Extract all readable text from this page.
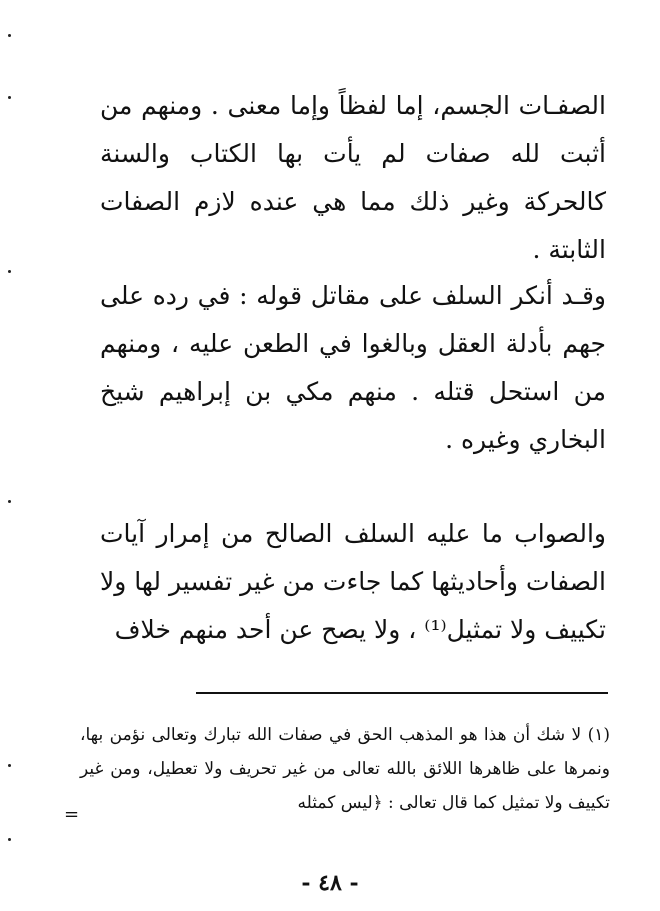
الصفـات الجسم، إما لفظاً وإما معنى . ومنهم من أثبت لله صفات لم يأت بها الكتاب والسنة كالحركة وغير ذلك مما هي عنده لازم الصفات الثابتة .

وقـد أنكر السلف على مقاتل قوله : في رده على جهم بأدلة العقل وبالغوا في الطعن عليه ، ومنهم من استحل قتله . منهم مكي بن إبراهيم شيخ البخاري وغيره .

والصواب ما عليه السلف الصالح من إمرار آيات الصفات وأحاديثها كما جاءت من غير تفسير لها ولا تكييف ولا تمثيل⁽¹⁾ ، ولا يصح عن أحد منهم خلاف

(١) لا شك أن هذا هو المذهب الحق في صفات الله تبارك وتعالى نؤمن بها، ونمرها على ظاهرها اللائق بالله تعالى من غير تحريف ولا تعطيل، ومن غير تكييف ولا تمثيل كما قال تعالى : ﴿ليس كمثله

=
- ٤٨ -
